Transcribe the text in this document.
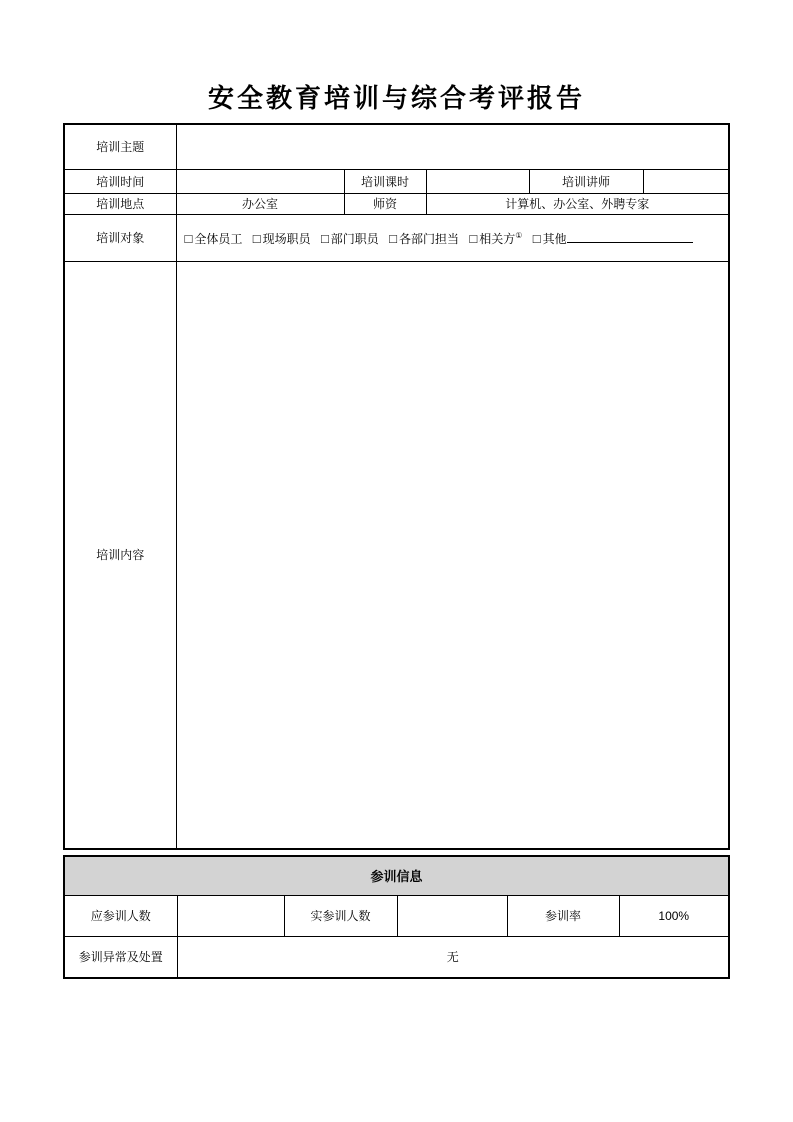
安全教育培训与综合考评报告
培训主题					
培训时间		培训课时		培训讲师	
培训地点	办公室	师资	计算机、办公室、外聘专家		
培训对象	□ 全体员工 □ 现场职员 □ 部门职员 □ 各部门担当 □ 相关方① □ 其他				
培训内容					
参训信息					
应参训人数		实参训人数		参训率	100%
参训异常及处置	无				
